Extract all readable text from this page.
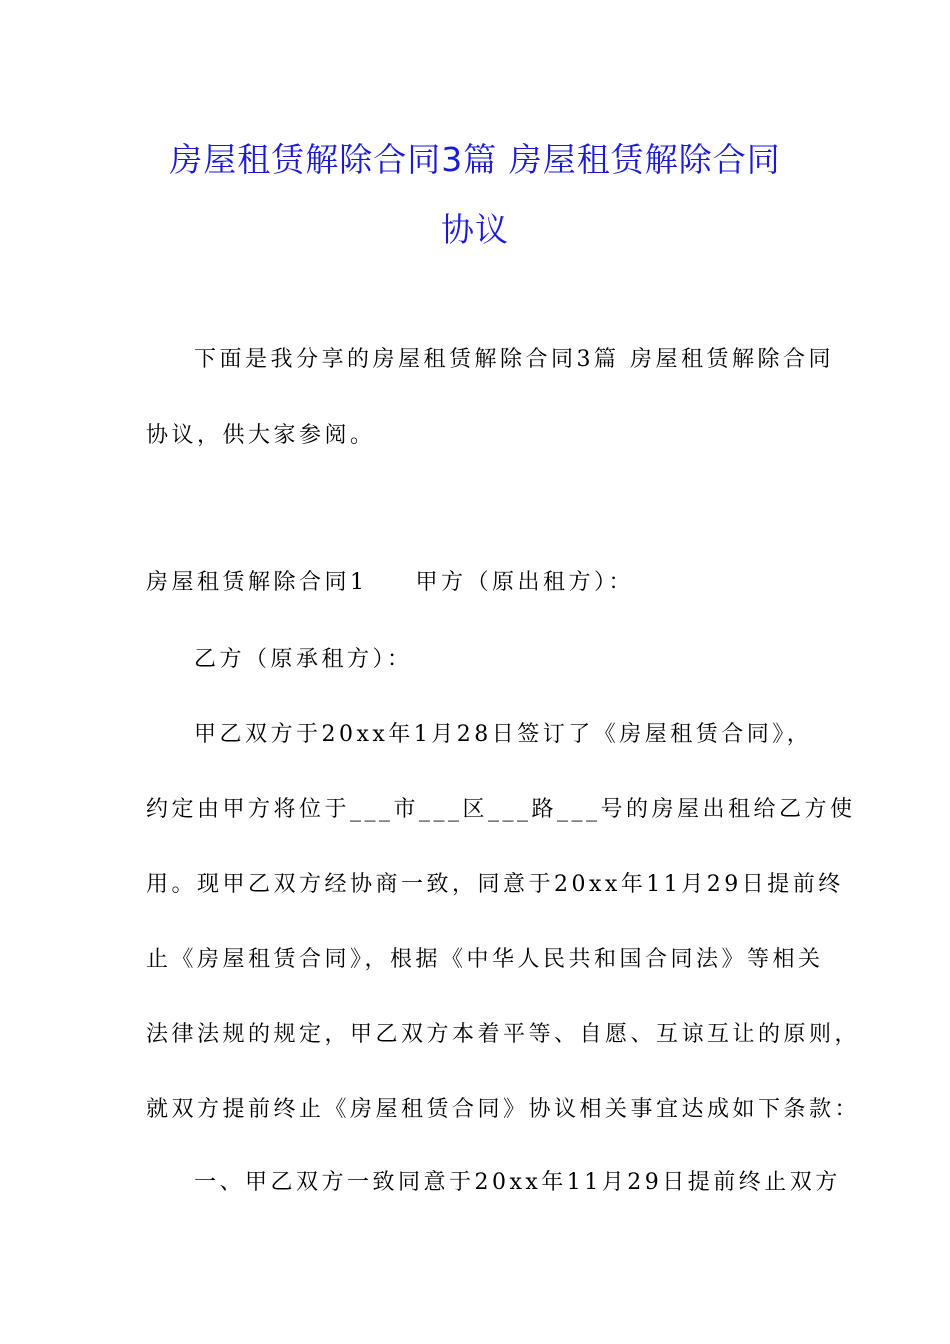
房屋租赁解除合同3篇 房屋租赁解除合同
协议
下面是我分享的房屋租赁解除合同3篇 房屋租赁解除合同
协议，供大家参阅。
房屋租赁解除合同1 甲方（原出租方）：
乙方（原承租方）：
甲乙双方于20xx年1月28日签订了《房屋租赁合同》，
约定由甲方将位于___市___区___路___号的房屋出租给乙方使
用。现甲乙双方经协商一致，同意于20xx年11月29日提前终
止《房屋租赁合同》，根据《中华人民共和国合同法》等相关
法律法规的规定，甲乙双方本着平等、自愿、互谅互让的原则，
就双方提前终止《房屋租赁合同》协议相关事宜达成如下条款：
一、甲乙双方一致同意于20xx年11月29日提前终止双方
